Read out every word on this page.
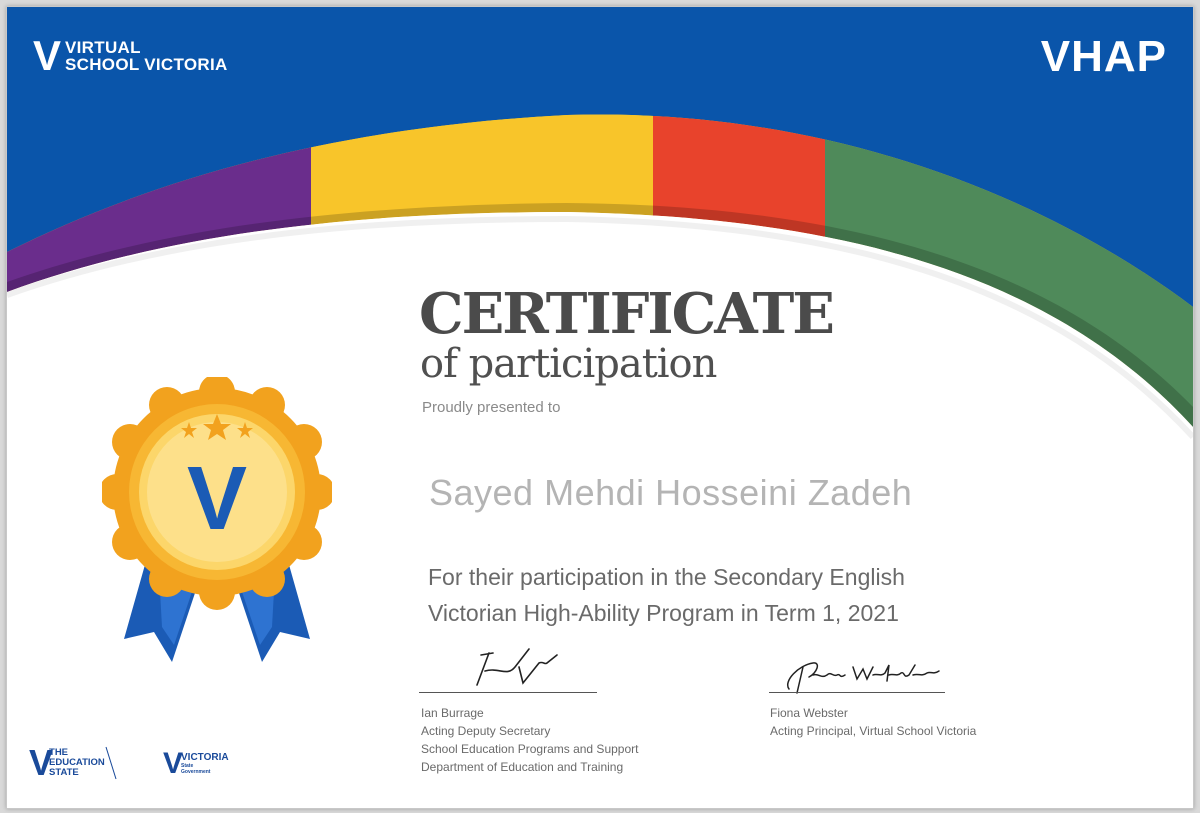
V VIRTUAL
SCHOOL VICTORIA	VHAP
V
CERTIFICATE
of participation
Proudly presented to
Sayed Mehdi Hosseini Zadeh
For their participation in the Secondary English
Victorian High-Ability Program in Term 1, 2021
Ian Burrage
Acting Deputy Secretary
School Education Programs and Support
Department of Education and Training
Fiona Webster
Acting Principal, Virtual School Victoria
V
THE
EDUCATION
STATE	V
VICTORIA
State
Government
